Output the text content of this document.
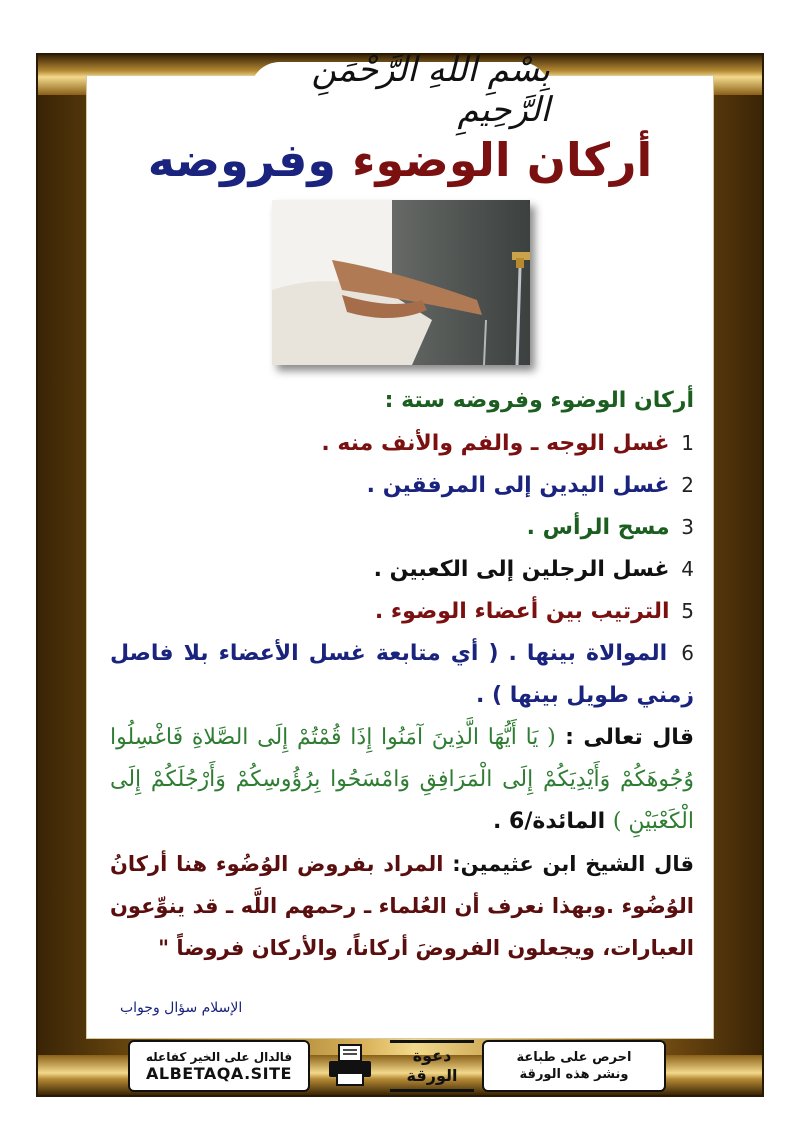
بِسْمِ اللهِ الرَّحْمَنِ الرَّحِيمِ
أركان الوضوء وفروضه
أركان الوضوء وفروضه ستة :
1 غسل الوجه ـ والفم والأنف منه .
2 غسل اليدين إلى المرفقين .
3 مسح الرأس .
4 غسل الرجلين إلى الكعبين .
5 الترتيب بين أعضاء الوضوء .
6 الموالاة بينها . ( أي متابعة غسل الأعضاء بلا فاصل زمني طويل بينها ) .
قال تعالى : ( يَا أَيُّهَا الَّذِينَ آمَنُوا إِذَا قُمْتُمْ إِلَى الصَّلاةِ فَاغْسِلُوا وُجُوهَكُمْ وَأَيْدِيَكُمْ إِلَى الْمَرَافِقِ وَامْسَحُوا بِرُؤُوسِكُمْ وَأَرْجُلَكُمْ إِلَى الْكَعْبَيْنِ ) المائدة/6 .
قال الشيخ ابن عثيمين: المراد بفروض الوُضُوء هنا أركانُ الوُضُوء .وبهذا نعرف أن العُلماء ـ رحمهم اللَّه ـ قد ينوِّعون العبارات، ويجعلون الفروضَ أركاناً، والأركان فروضاً "
الإسلام سؤال وجواب
فالدال على الخير كفاعله
ALBETAQA.SITE
دعوة
الورقة
احرص على طباعة
ونشر هذه الورقة
